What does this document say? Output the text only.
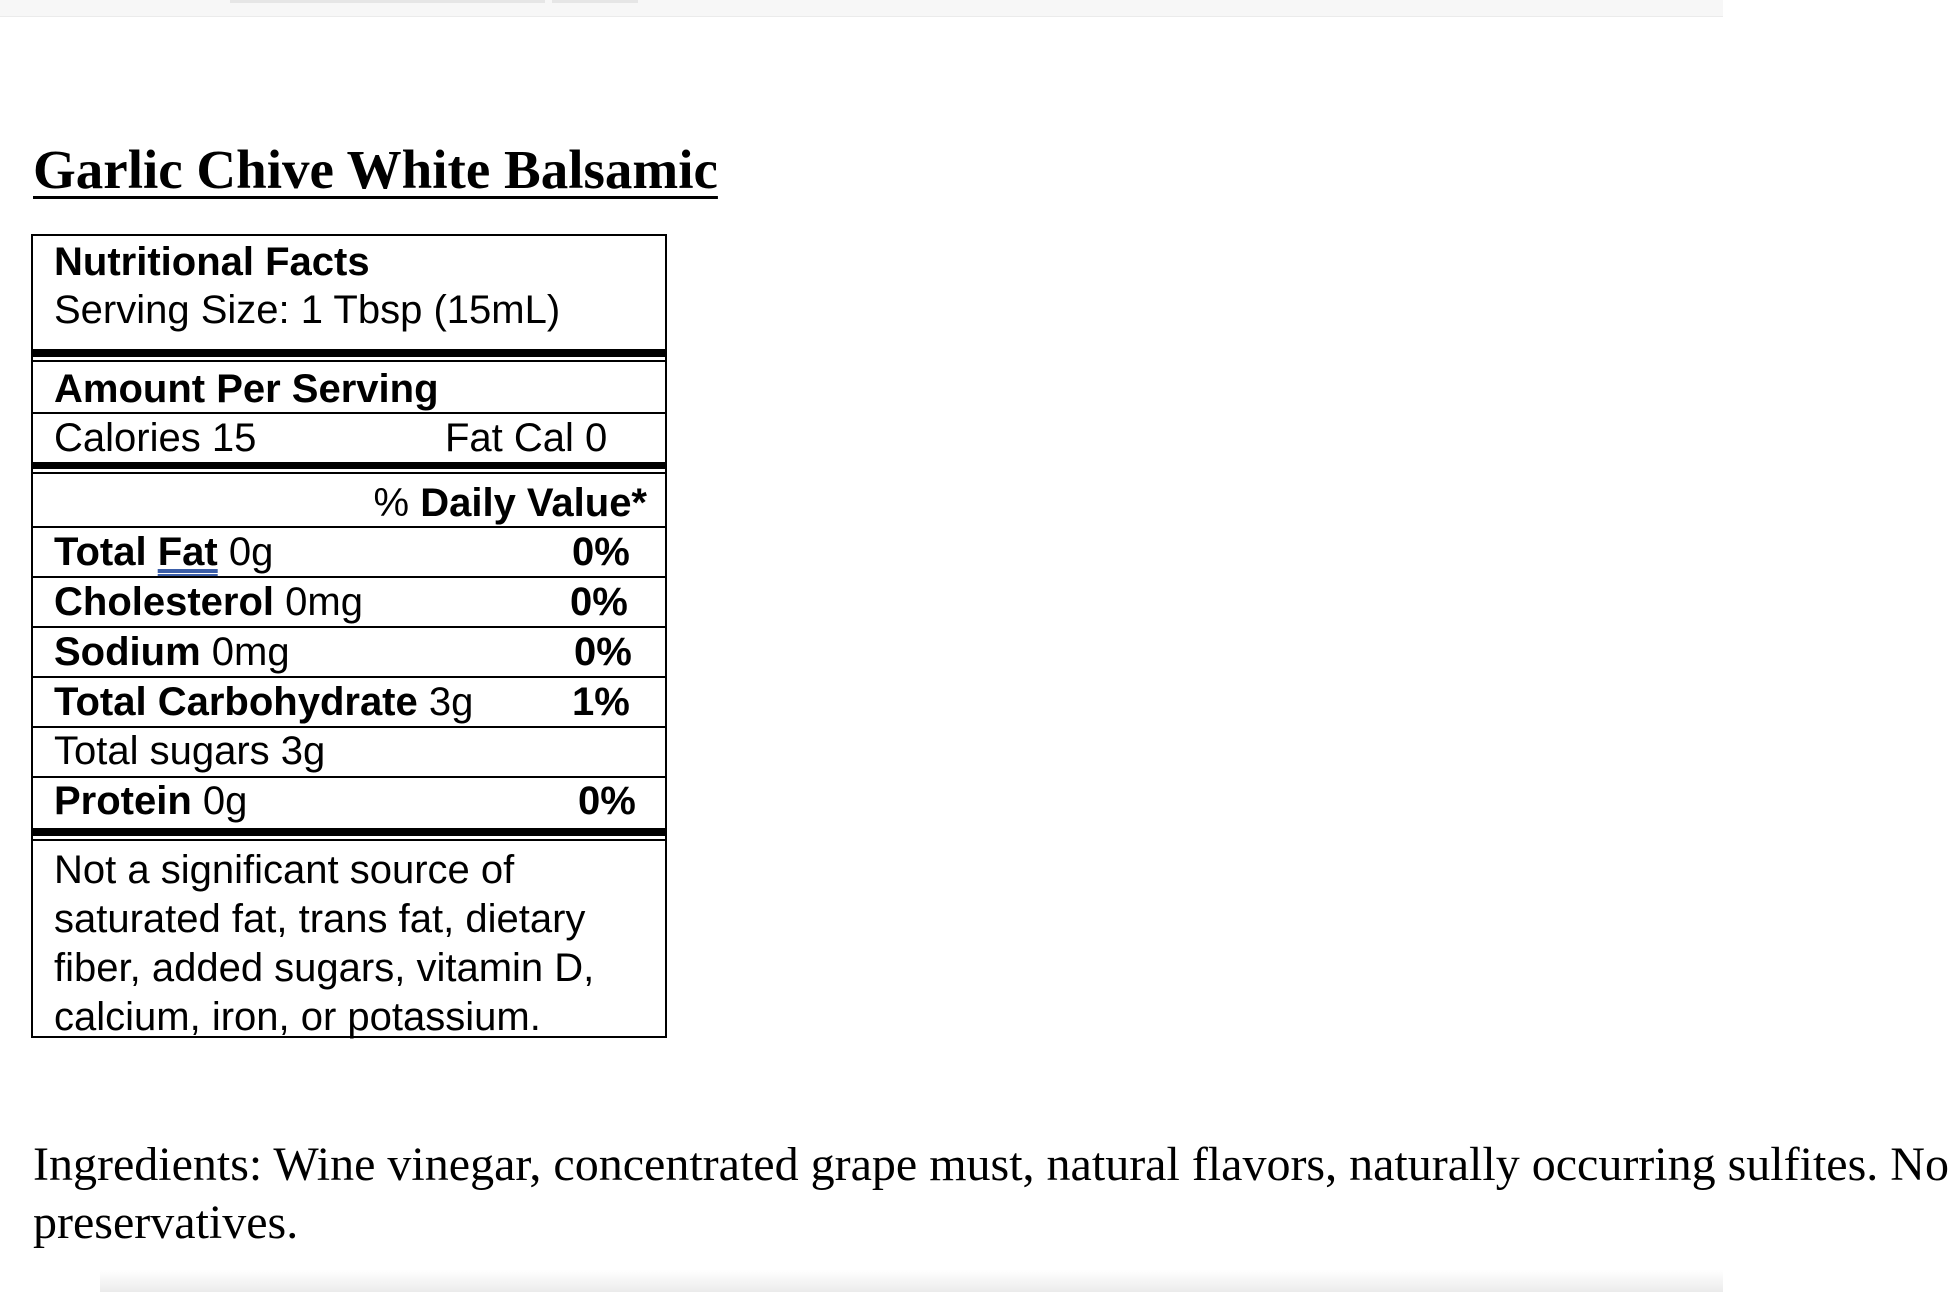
Garlic Chive White Balsamic
Nutritional Facts
Serving Size: 1 Tbsp (15mL)
Amount Per Serving
Calories 15	Fat Cal 0
% Daily Value*
Total Fat 0g	0%
Cholesterol 0mg	0%
Sodium 0mg	0%
Total Carbohydrate 3g 1%
Total sugars 3g
Protein 0g	0%
Not a significant source of saturated fat, trans fat, dietary fiber, added sugars, vitamin D, calcium, iron, or potassium.
Ingredients: Wine vinegar, concentrated grape must, natural flavors, naturally occurring sulfites. No
preservatives.
